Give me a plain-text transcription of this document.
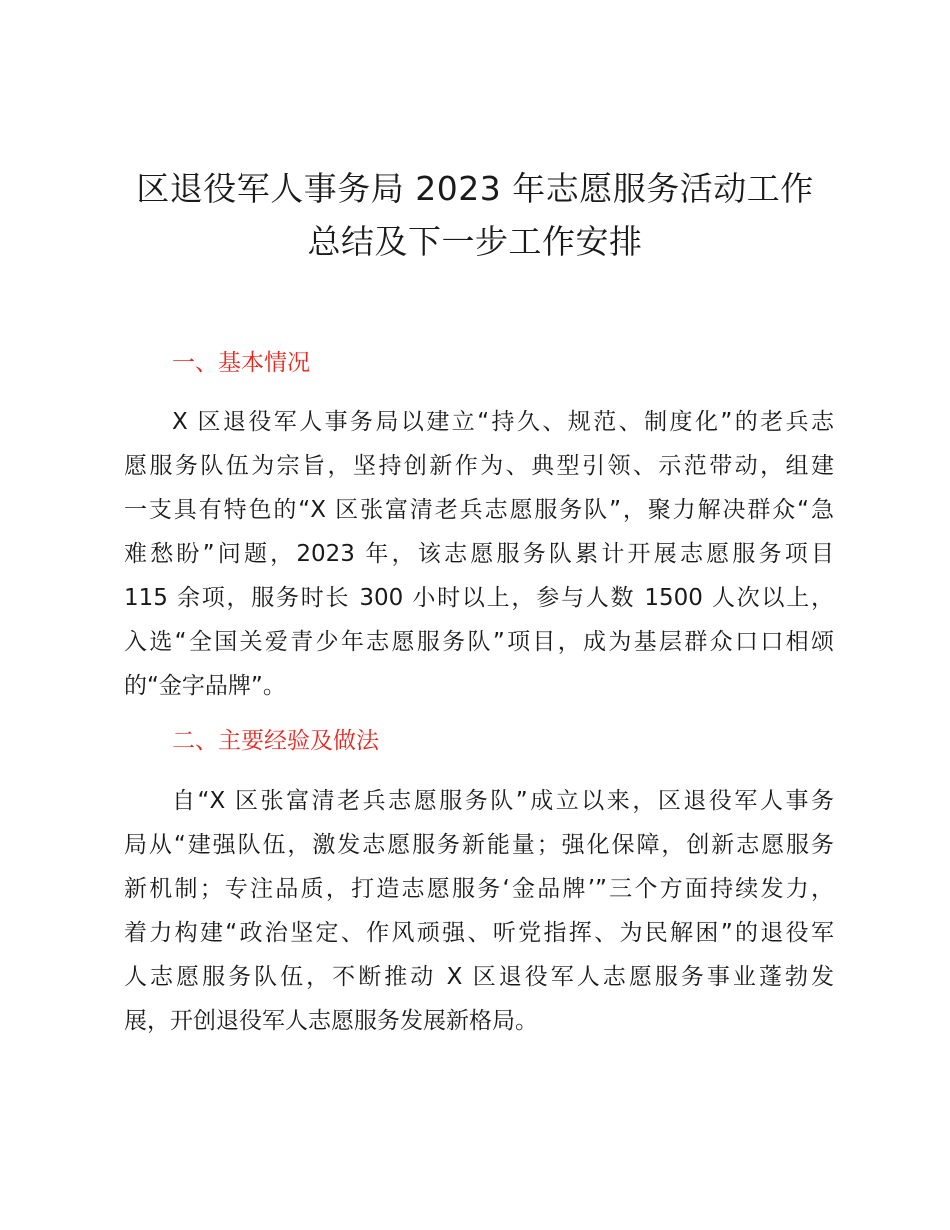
区退役军人事务局 2023 年志愿服务活动工作
总结及下一步工作安排
一、基本情况
X 区退役军人事务局以建立“持久、规范、制度化”的老兵志
愿服务队伍为宗旨，坚持创新作为、典型引领、示范带动，组建
一支具有特色的“X 区张富清老兵志愿服务队”，聚力解决群众“急
难愁盼”问题，2023 年，该志愿服务队累计开展志愿服务项目
115 余项，服务时长 300 小时以上，参与人数 1500 人次以上，
入选“全国关爱青少年志愿服务队”项目，成为基层群众口口相颂
的“金字品牌”。
二、主要经验及做法
自“X 区张富清老兵志愿服务队”成立以来，区退役军人事务
局从“建强队伍，激发志愿服务新能量；强化保障，创新志愿服务
新机制；专注品质，打造志愿服务‘金品牌’”三个方面持续发力，
着力构建“政治坚定、作风顽强、听党指挥、为民解困”的退役军
人志愿服务队伍，不断推动 X 区退役军人志愿服务事业蓬勃发
展，开创退役军人志愿服务发展新格局。
